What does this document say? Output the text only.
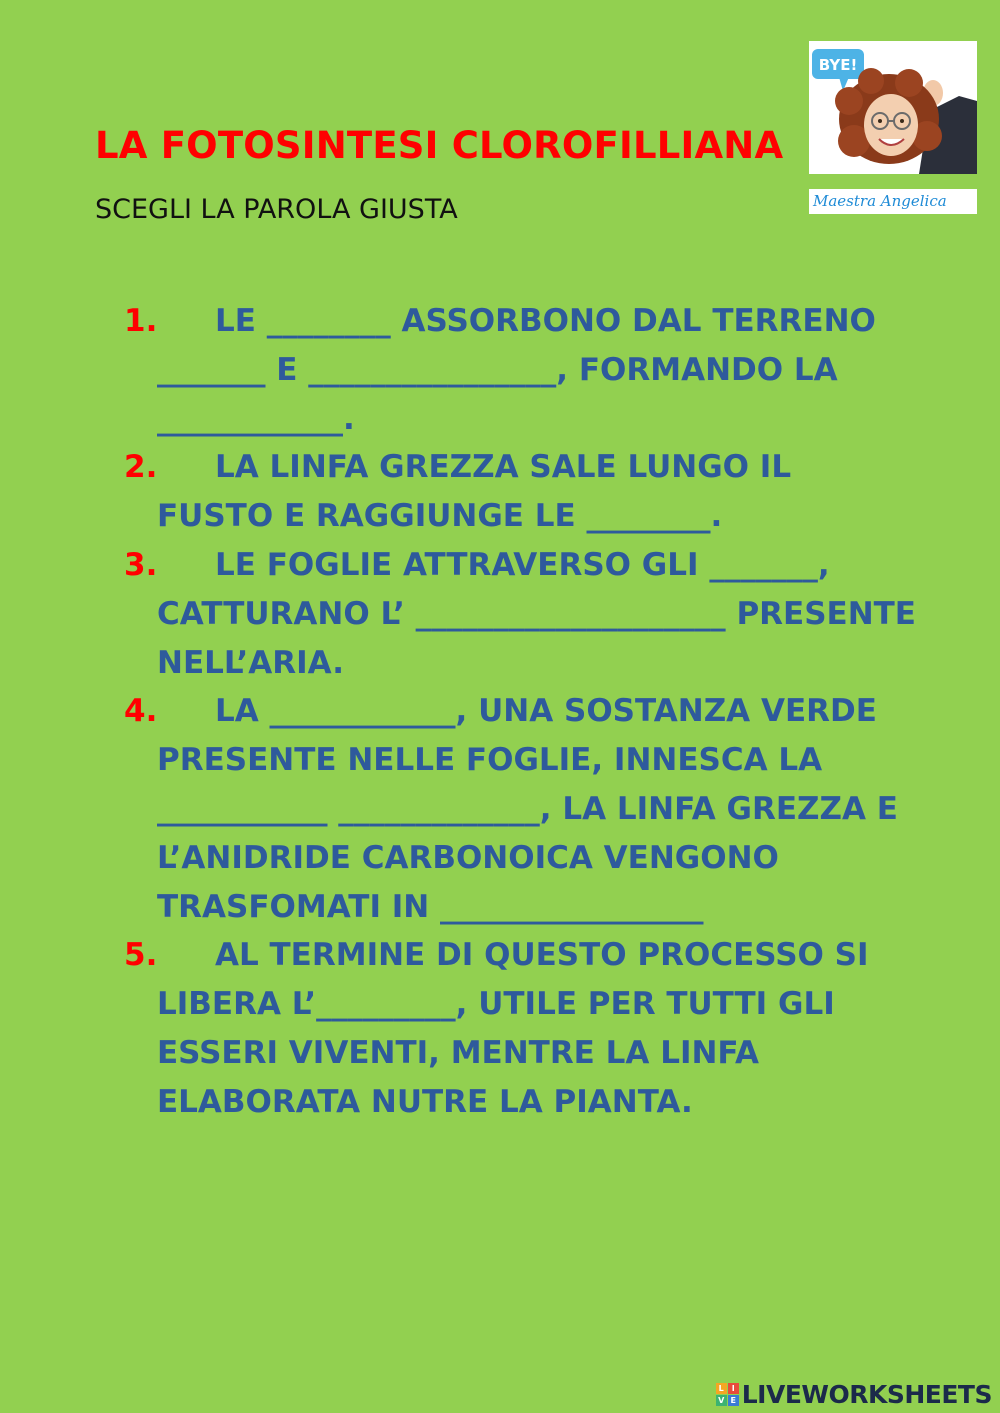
LA FOTOSINTESI CLOROFILLIANA
SCEGLI LA PAROLA GIUSTA
BYE!
Maestra Angelica
1.	LE ________ ASSORBONO DAL TERRENO _______ E ________________, FORMANDO LA ____________.
2.	LA LINFA GREZZA SALE LUNGO IL FUSTO E RAGGIUNGE LE ________.
3.	LE FOGLIE ATTRAVERSO GLI _______, CATTURANO L’ ____________________ PRESENTE NELL’ARIA.
4.	LA ____________, UNA SOSTANZA VERDE PRESENTE NELLE FOGLIE, INNESCA LA ___________ _____________, LA LINFA GREZZA E L’ANIDRIDE CARBONOICA VENGONO TRASFOMATI IN _________________
5.	AL TERMINE DI QUESTO PROCESSO SI LIBERA L’_________, UTILE PER TUTTI GLI ESSERI VIVENTI, MENTRE LA LINFA ELABORATA NUTRE LA PIANTA.
L I
V E LIVEWORKSHEETS
